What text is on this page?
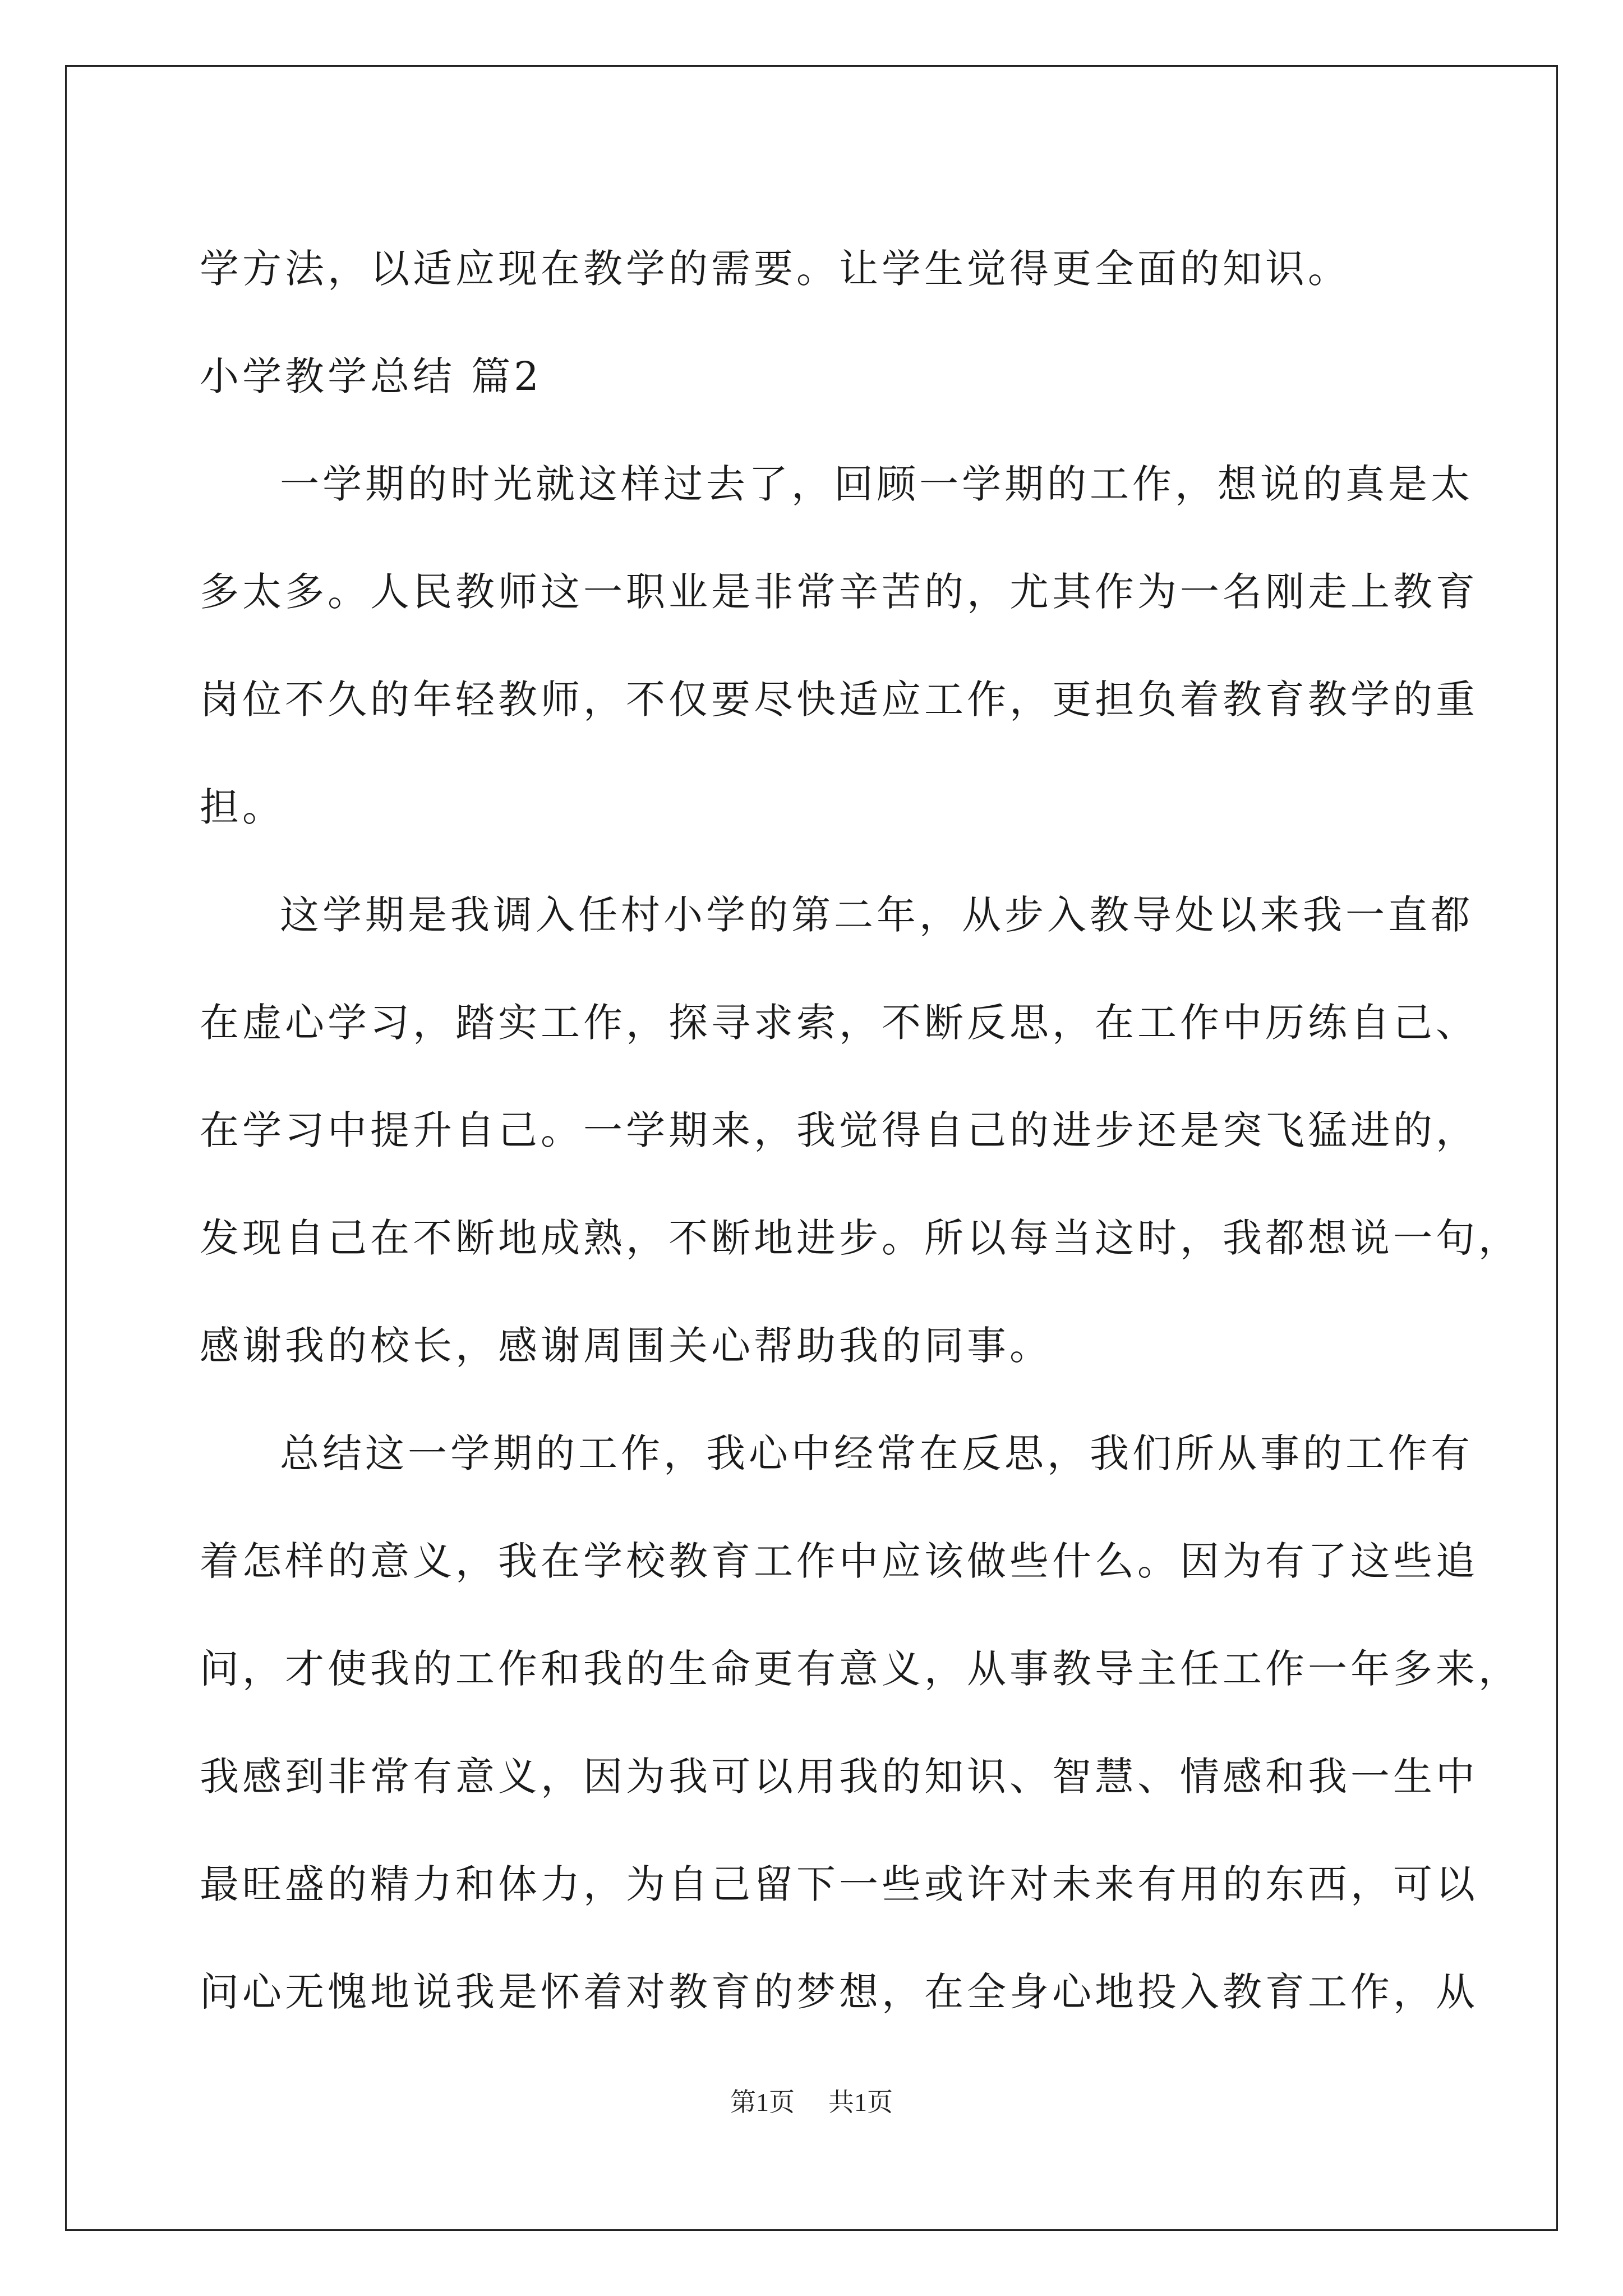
学方法，以适应现在教学的需要。让学生觉得更全面的知识。
小学教学总结 篇2
一学期的时光就这样过去了，回顾一学期的工作，想说的真是太
多太多。人民教师这一职业是非常辛苦的，尤其作为一名刚走上教育
岗位不久的年轻教师，不仅要尽快适应工作，更担负着教育教学的重
担。
这学期是我调入任村小学的第二年，从步入教导处以来我一直都
在虚心学习，踏实工作，探寻求索，不断反思，在工作中历练自己、
在学习中提升自己。一学期来，我觉得自己的进步还是突飞猛进的，
发现自己在不断地成熟，不断地进步。所以每当这时，我都想说一句，
感谢我的校长，感谢周围关心帮助我的同事。
总结这一学期的工作，我心中经常在反思，我们所从事的工作有
着怎样的意义，我在学校教育工作中应该做些什么。因为有了这些追
问，才使我的工作和我的生命更有意义，从事教导主任工作一年多来，
我感到非常有意义，因为我可以用我的知识、智慧、情感和我一生中
最旺盛的精力和体力，为自己留下一些或许对未来有用的东西，可以
问心无愧地说我是怀着对教育的梦想，在全身心地投入教育工作，从
第1页 共1页
